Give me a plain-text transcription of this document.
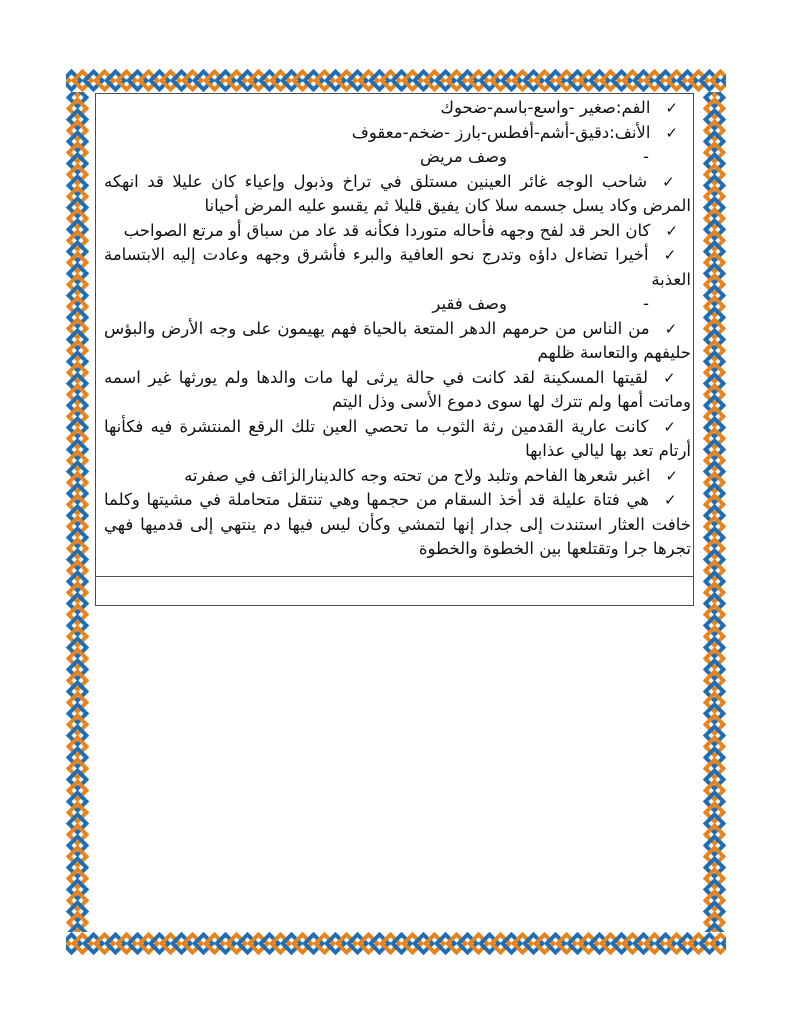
✓الفم:صغير -واسع-باسم-ضحوك

✓الأنف:دقيق-أشم-أفطس-بارز -ضخم-معقوف

-وصف مريض

✓شاحب الوجه غائر العينين مستلق في تراخ وذبول وإعياء كان عليلا قد انهكه المرض وكاد يسل جسمه سلا كان يفيق قليلا ثم يقسو عليه المرض أحيانا

✓كان الحر قد لفح وجهه فأحاله متوردا فكأنه قد عاد من سباق أو مرتع الصواحب

✓أخيرا تضاءل داؤه وتدرج نحو العافية والبرء فأشرق وجهه وعادت إليه الابتسامة العذبة

-وصف فقير

✓من الناس من حرمهم الدهر المتعة بالحياة فهم يهيمون على وجه الأرض والبؤس حليفهم والتعاسة ظلهم

✓لقيتها المسكينة لقد كانت في حالة يرثى لها مات والدها ولم يورثها غير اسمه وماتت أمها ولم تترك لها سوى دموع الأسى وذل اليتم

✓كانت عارية القدمين رثة الثوب ما تحصي العين تلك الرقع المنتشرة فيه فكأنها أرتام تعد بها ليالي عذابها

✓اغبر شعرها الفاحم وتلبد ولاح من تحته وجه كالدينارالزائف في صفرته

✓هي فتاة عليلة قد أخذ السقام من حجمها وهي تنتقل متحاملة في مشيتها وكلما خافت العثار استندت إلى جدار إنها لتمشي وكأن ليس فيها دم ينتهي إلى قدميها فهي تجرها جرا وتقتلعها بين الخطوة والخطوة
